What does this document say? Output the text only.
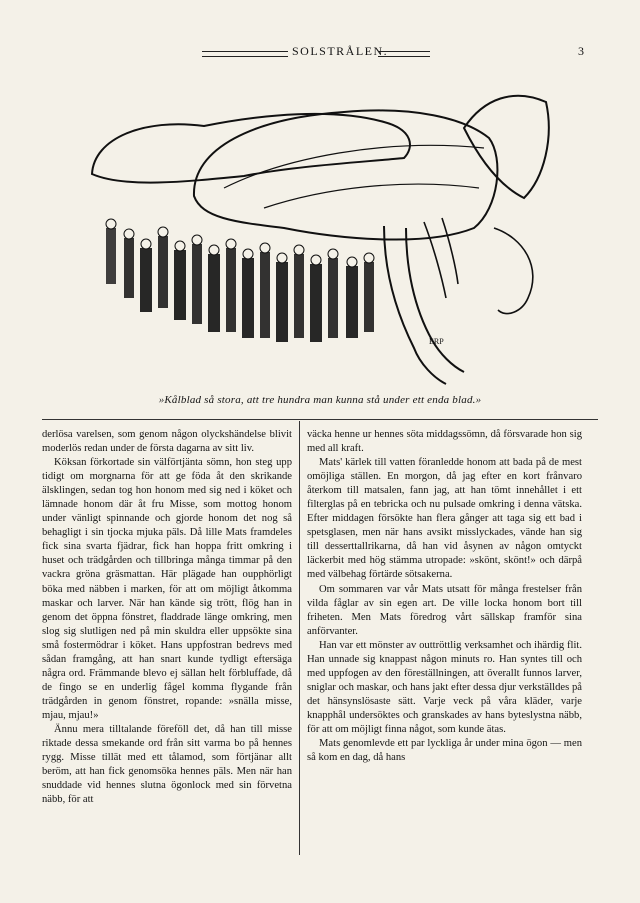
SOLSTRÅLEN.	3
ERP
»Kålblad så stora, att tre hundra man kunna stå under ett enda blad.»

derlösa varelsen, som genom någon olyckshändelse blivit moderlös redan under de första dagarna av sitt liv.

Köksan förkortade sin välförtjänta sömn, hon steg upp tidigt om morgnarna för att ge föda åt den skrikande älsklingen, sedan tog hon honom med sig ned i köket och lämnade honom där åt fru Misse, som mottog honom under vänligt spinnande och gjorde honom det nog så behagligt i sin tjocka mjuka päls. Då lille Mats framdeles fick sina svarta fjädrar, fick han hoppa fritt omkring i huset och trädgården och tillbringa många timmar på den vackra gröna gräsmattan. Här plägade han oupphörligt böka med näbben i marken, för att om möjligt åtkomma maskar och larver. När han kände sig trött, flög han in genom det öppna fönstret, fladdrade länge omkring, men slog sig slutligen ned på min skuldra eller uppsökte sina små fostermödrar i köket. Hans uppfostran bedrevs med sådan framgång, att han snart kunde tydligt eftersäga några ord. Främmande blevo ej sällan helt förbluffade, då de fingo se en underlig fågel komma flygande från trädgården in genom fönstret, ropande: »snälla misse, mjau, mjau!»

Ännu mera tilltalande föreföll det, då han till misse riktade dessa smekande ord från sitt varma bo på hennes rygg. Misse tillät med ett tålamod, som förtjänar allt beröm, att han fick genomsöka hennes päls. Men när han snuddade vid hennes slutna ögonlock med sin förvetna näbb, för att

väcka henne ur hennes söta middagssömn, då försvarade hon sig med all kraft.

Mats' kärlek till vatten föranledde honom att bada på de mest omöjliga ställen. En morgon, då jag efter en kort frånvaro återkom till matsalen, fann jag, att han tömt innehållet i ett filterglas på en tebricka och nu pulsade omkring i denna vätska. Efter middagen försökte han flera gånger att taga sig ett bad i spetsglasen, men när hans avsikt misslyckades, vände han sig till desserttallrikarna, då han vid åsynen av någon omtyckt läckerbit med hög stämma utropade: »skönt, skönt!» och därpå med välbehag förtärde sötsakerna.

Om sommaren var vår Mats utsatt för många frestelser från vilda fåglar av sin egen art. De ville locka honom bort till friheten. Men Mats föredrog vårt sällskap framför sina anförvanter.

Han var ett mönster av outtröttlig verksamhet och ihärdig flit. Han unnade sig knappast någon minuts ro. Han syntes till och med uppfogen av den föreställningen, att överallt funnos larver, sniglar och maskar, och hans jakt efter dessa djur verkställdes på det hänsynslösaste sätt. Varje veck på våra kläder, varje knapphål undersöktes och granskades av hans byteslystna näbb, för att om möjligt finna något, som kunde ätas.

Mats genomlevde ett par lyckliga år under mina ögon — men så kom en dag, då hans
